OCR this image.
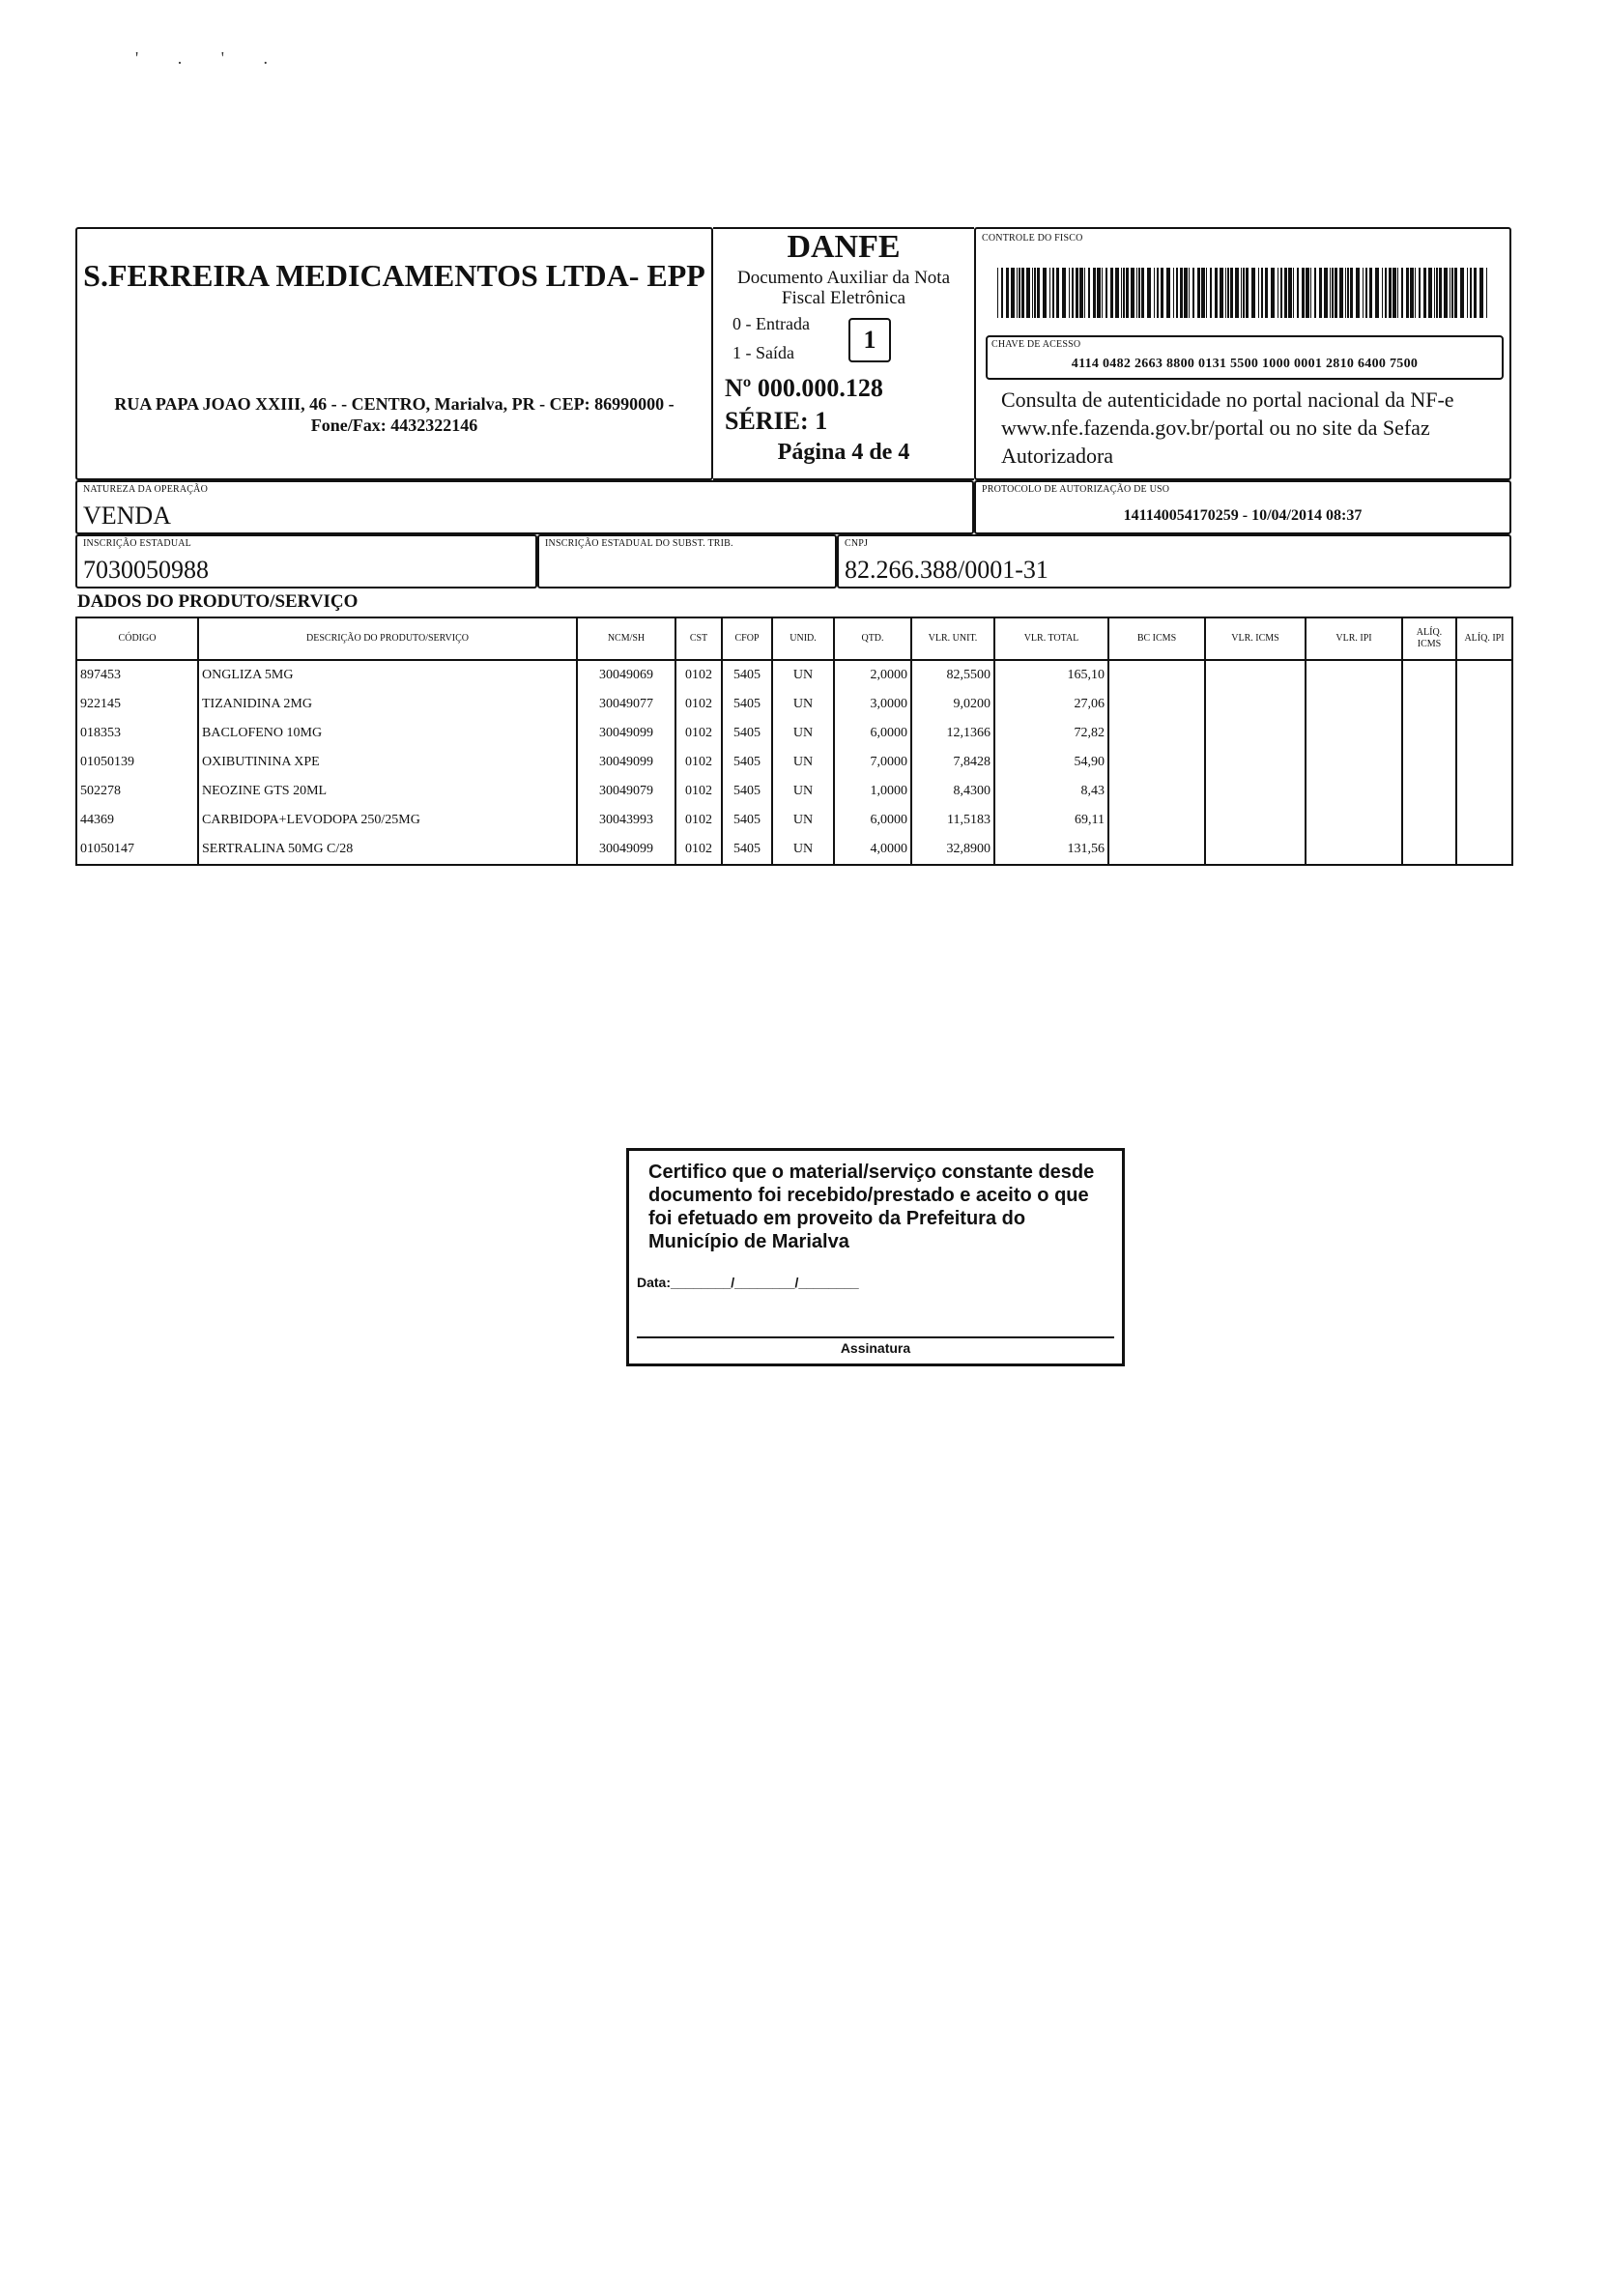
' . ' .
S.FERREIRA MEDICAMENTOS LTDA- EPP
RUA PAPA JOAO XXIII, 46 - - CENTRO, Marialva, PR - CEP: 86990000 - Fone/Fax: 4432322146
DANFE
Documento Auxiliar da Nota Fiscal Eletrônica
0 - Entrada
1 - Saída	1
Nº 000.000.128
SÉRIE: 1
Página 4 de 4
CONTROLE DO FISCO
CHAVE DE ACESSO
4114 0482 2663 8800 0131 5500 1000 0001 2810 6400 7500
Consulta de autenticidade no portal nacional da NF-e www.nfe.fazenda.gov.br/portal ou no site da Sefaz Autorizadora
NATUREZA DA OPERAÇÃO
VENDA
PROTOCOLO DE AUTORIZAÇÃO DE USO
141140054170259 - 10/04/2014 08:37
INSCRIÇÃO ESTADUAL
7030050988
INSCRIÇÃO ESTADUAL DO SUBST. TRIB.	CNPJ
82.266.388/0001-31
DADOS DO PRODUTO/SERVIÇO
CÓDIGO	DESCRIÇÃO DO PRODUTO/SERVIÇO	NCM/SH	CST	CFOP	UNID.	QTD.	VLR. UNIT.	VLR. TOTAL	BC ICMS	VLR. ICMS	VLR. IPI	ALÍQ. ICMS	ALÍQ. IPI
897453	ONGLIZA 5MG	30049069	0102	5405	UN	2,0000	82,5500	165,10					
922145	TIZANIDINA 2MG	30049077	0102	5405	UN	3,0000	9,0200	27,06					
018353	BACLOFENO 10MG	30049099	0102	5405	UN	6,0000	12,1366	72,82					
01050139	OXIBUTININA XPE	30049099	0102	5405	UN	7,0000	7,8428	54,90					
502278	NEOZINE GTS 20ML	30049079	0102	5405	UN	1,0000	8,4300	8,43					
44369	CARBIDOPA+LEVODOPA 250/25MG	30043993	0102	5405	UN	6,0000	11,5183	69,11					
01050147	SERTRALINA 50MG C/28	30049099	0102	5405	UN	4,0000	32,8900	131,56					
Certifico que o material/serviço constante desde documento foi recebido/prestado e aceito o que foi efetuado em proveito da Prefeitura do Município de Marialva
Data:________/________/________
Assinatura
